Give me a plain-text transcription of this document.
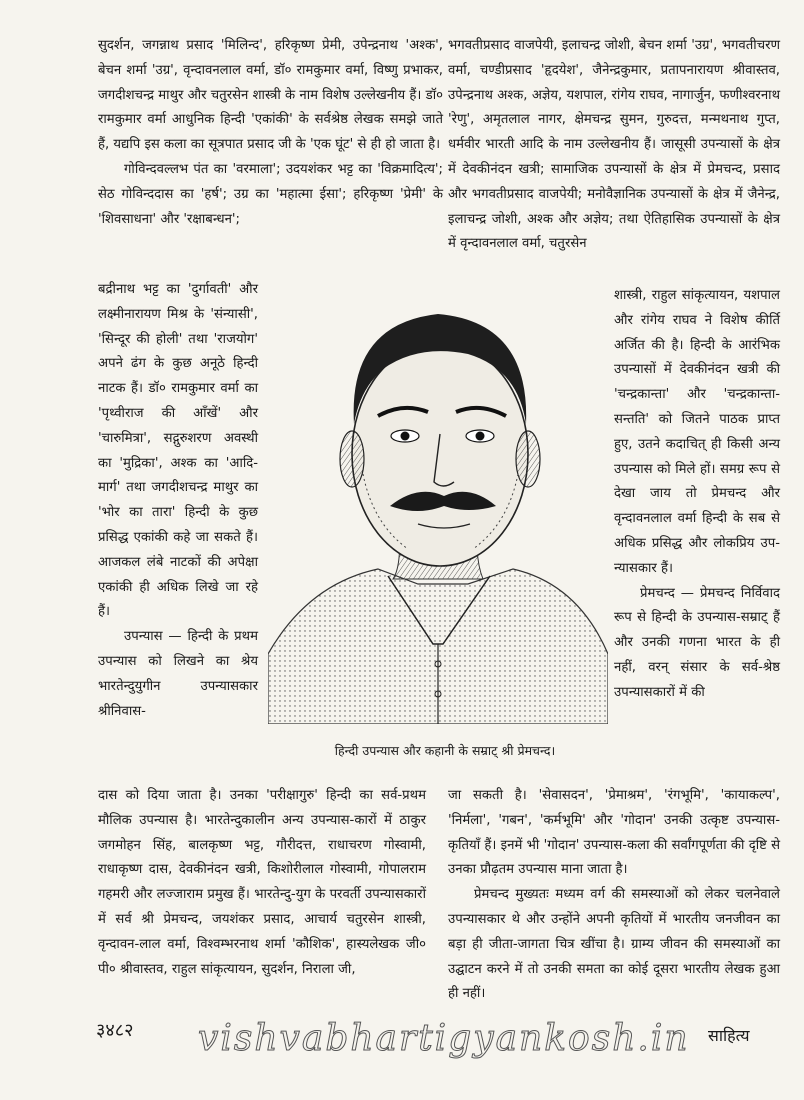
सुदर्शन, जगन्नाथ प्रसाद 'मिलिन्द', हरिकृष्ण प्रेमी, उपेन्द्रनाथ 'अश्क', बेचन शर्मा 'उग्र', वृन्दावनलाल वर्मा, डॉ० रामकुमार वर्मा, विष्णु प्रभाकर, जगदीशचन्द्र माथुर और चतुरसेन शास्त्री के नाम विशेष उल्लेखनीय हैं। डॉ० रामकुमार वर्मा आधुनिक हिन्दी 'एकांकी' के सर्वश्रेष्ठ लेखक समझे जाते हैं, यद्यपि इस कला का सूत्रपात प्रसाद जी के 'एक घूंट' से ही हो जाता है।

गोविन्दवल्लभ पंत का 'वरमाला'; उदयशंकर भट्ट का 'विक्रमादित्य'; सेठ गोविन्ददास का 'हर्ष'; उग्र का 'महात्मा ईसा'; हरिकृष्ण 'प्रेमी' के 'शिवसाधना' और 'रक्षाबन्धन';

भगवतीप्रसाद वाजपेयी, इलाचन्द्र जोशी, बेचन शर्मा 'उग्र', भगवतीचरण वर्मा, चण्डीप्रसाद 'हृदयेश', जैनेन्द्रकुमार, प्रतापनारायण श्रीवास्तव, उपेन्द्रनाथ अश्क, अज्ञेय, यशपाल, रांगेय राघव, नागार्जुन, फणीश्वरनाथ 'रेणु', अमृतलाल नागर, क्षेमचन्द्र सुमन, गुरुदत्त, मन्मथनाथ गुप्त, धर्मवीर भारती आदि के नाम उल्लेखनीय हैं। जासूसी उपन्यासों के क्षेत्र में देवकीनंदन खत्री; सामाजिक उपन्यासों के क्षेत्र में प्रेमचन्द, प्रसाद और भगवतीप्रसाद वाजपेयी; मनोवैज्ञानिक उपन्यासों के क्षेत्र में जैनेन्द्र, इलाचन्द्र जोशी, अश्क और अज्ञेय; तथा ऐतिहासिक उपन्यासों के क्षेत्र में वृन्दावनलाल वर्मा, चतुरसेन

बद्रीनाथ भट्ट का 'दुर्गावती' और लक्ष्मीनारायण मिश्र के 'संन्यासी', 'सिन्दूर की होली' तथा 'राजयोग' अपने ढंग के कुछ अनूठे हिन्दी नाटक हैं। डॉ० रामकुमार वर्मा का 'पृथ्वीराज की आँखें' और 'चारुमित्रा', सद्गुरुशरण अवस्थी का 'मुद्रिका', अश्क का 'आदि-मार्ग' तथा जगदीशचन्द्र माथुर का 'भोर का तारा' हिन्दी के कुछ प्रसिद्ध एकांकी कहे जा सकते हैं। आजकल लंबे नाटकों की अपेक्षा एकांकी ही अधिक लिखे जा रहे हैं।

उपन्यास — हिन्दी के प्रथम उपन्यास को लिखने का श्रेय भारतेन्दुयुगीन उपन्यासकार श्रीनिवास-

शास्त्री, राहुल सांकृत्यायन, यशपाल और रांगेय राघव ने विशेष कीर्ति अर्जित की है। हिन्दी के आरंभिक उपन्यासों में देवकीनंदन खत्री की 'चन्द्रकान्ता' और 'चन्द्रकान्ता-सन्तति' को जितने पाठक प्राप्त हुए, उतने कदाचित् ही किसी अन्य उपन्यास को मिले हों। समग्र रूप से देखा जाय तो प्रेमचन्द और वृन्दावनलाल वर्मा हिन्दी के सब से अधिक प्रसिद्ध और लोकप्रिय उप-न्यासकार हैं।

प्रेमचन्द — प्रेमचन्द निर्विवाद रूप से हिन्दी के उपन्यास-सम्राट् हैं और उनकी गणना भारत के ही नहीं, वरन् संसार के सर्व-श्रेष्ठ उपन्यासकारों में की

हिन्दी उपन्यास और कहानी के सम्राट् श्री प्रेमचन्द।

दास को दिया जाता है। उनका 'परीक्षागुरु' हिन्दी का सर्व-प्रथम मौलिक उपन्यास है। भारतेन्दुकालीन अन्य उपन्यास-कारों में ठाकुर जगमोहन सिंह, बालकृष्ण भट्ट, गौरीदत्त, राधाचरण गोस्वामी, राधाकृष्ण दास, देवकीनंदन खत्री, किशोरीलाल गोस्वामी, गोपालराम गहमरी और लज्जाराम प्रमुख हैं। भारतेन्दु-युग के परवर्ती उपन्यासकारों में सर्व श्री प्रेमचन्द, जयशंकर प्रसाद, आचार्य चतुरसेन शास्त्री, वृन्दावन-लाल वर्मा, विश्वम्भरनाथ शर्मा 'कौशिक', हास्यलेखक जी० पी० श्रीवास्तव, राहुल सांकृत्यायन, सुदर्शन, निराला जी,

जा सकती है। 'सेवासदन', 'प्रेमाश्रम', 'रंगभूमि', 'कायाकल्प', 'निर्मला', 'गबन', 'कर्मभूमि' और 'गोदान' उनकी उत्कृष्ट उपन्यास-कृतियाँ हैं। इनमें भी 'गोदान' उपन्यास-कला की सर्वांगपूर्णता की दृष्टि से उनका प्रौढ़तम उपन्यास माना जाता है।

प्रेमचन्द मुख्यतः मध्यम वर्ग की समस्याओं को लेकर चलनेवाले उपन्यासकार थे और उन्होंने अपनी कृतियों में भारतीय जनजीवन का बड़ा ही जीता-जागता चित्र खींचा है। ग्राम्य जीवन की समस्याओं का उद्घाटन करने में तो उनकी समता का कोई दूसरा भारतीय लेखक हुआ ही नहीं।

३४८२ vishvabhartigyankosh.in साहित्य
